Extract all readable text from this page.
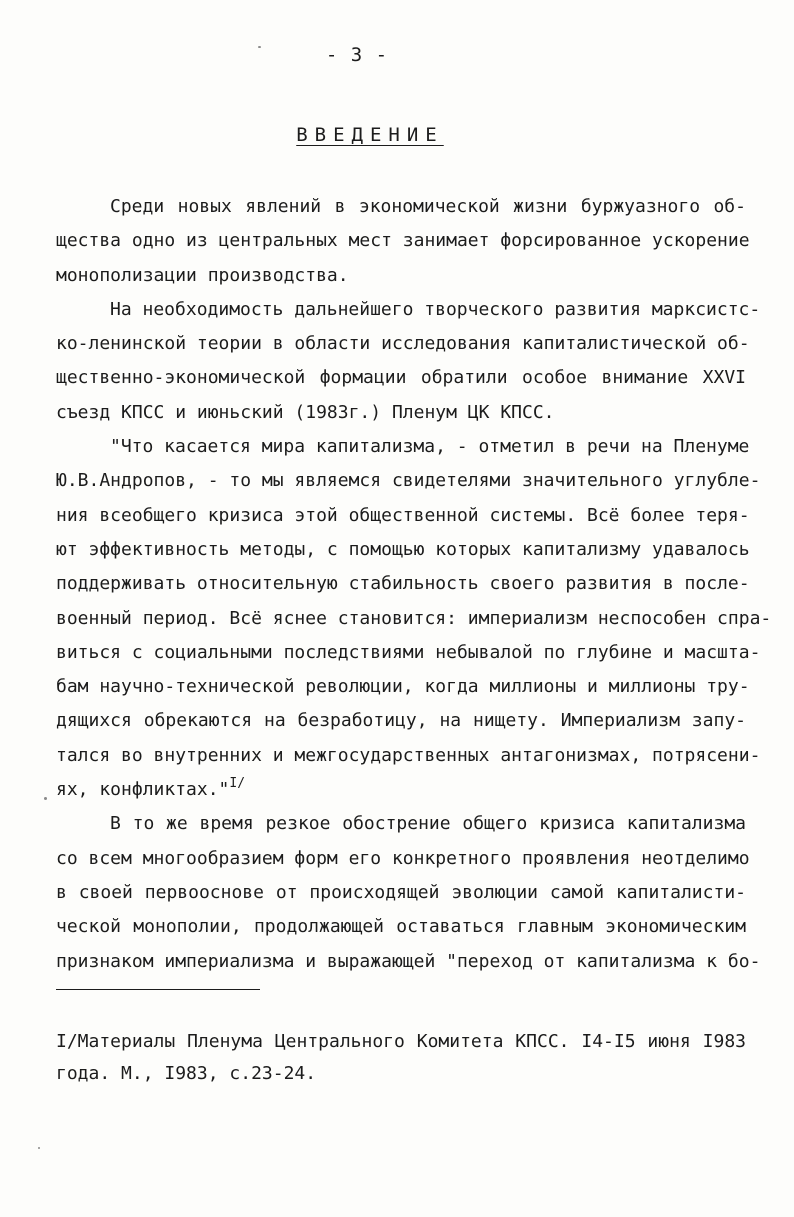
- 3 -
ВВЕДЕНИЕ
Среди новых явлений в экономической жизни буржуазного об-
щества одно из центральных мест занимает форсированное ускорение
монополизации производства.
На необходимость дальнейшего творческого развития марксистс-
ко-ленинской теории в области исследования капиталистической об-
щественно-экономической формации обратили особое внимание XXVI
съезд КПСС и июньский (1983г.) Пленум ЦК КПСС.
"Что касается мира капитализма, - отметил в речи на Пленуме
Ю.В.Андропов, - то мы являемся свидетелями значительного углубле-
ния всеобщего кризиса этой общественной системы. Всё более теря-
ют эффективность методы, с помощью которых капитализму удавалось
поддерживать относительную стабильность своего развития в после-
военный период. Всё яснее становится: империализм неспособен спра-
виться с социальными последствиями небывалой по глубине и масшта-
бам научно-технической революции, когда миллионы и миллионы тру-
дящихся обрекаются на безработицу, на нищету. Империализм запу-
тался во внутренних и межгосударственных антагонизмах, потрясени-
ях, конфликтах."$^{I/}$
В то же время резкое обострение общего кризиса капитализма
со всем многообразием форм его конкретного проявления неотделимо
в своей первооснове от происходящей эволюции самой капиталисти-
ческой монополии, продолжающей оставаться главным экономическим
признаком империализма и выражающей "переход от капитализма к бо-
I/Материалы Пленума Центрального Комитета КПСС. I4-I5 июня I983
года. М., I983, с.23-24.
